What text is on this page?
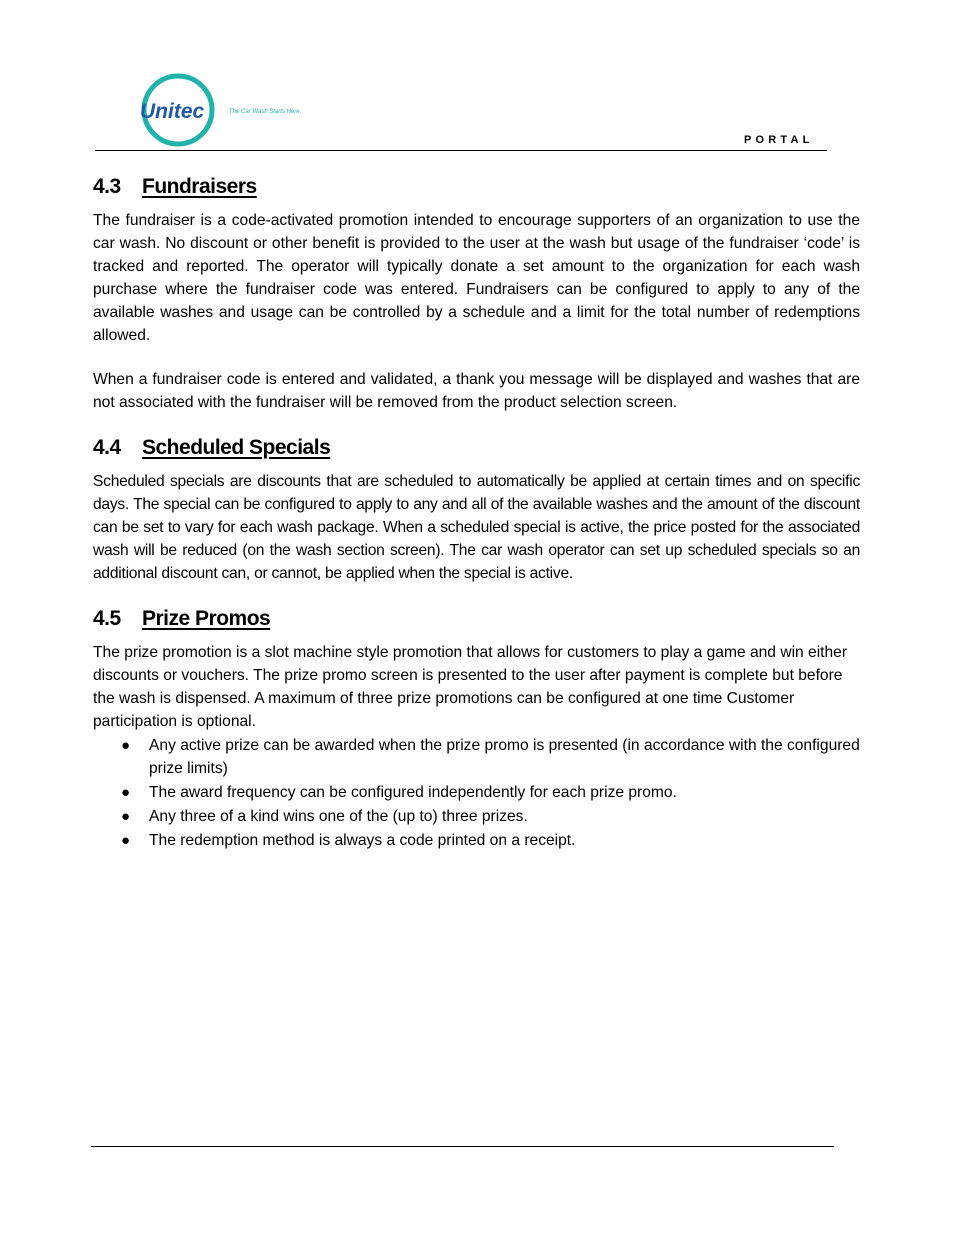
Unitec	The Car Wash Starts Here.
PORTAL
4.3 Fundraisers

The fundraiser is a code-activated promotion intended to encourage supporters of an organization to use the car wash. No discount or other benefit is provided to the user at the wash but usage of the fundraiser ‘code’ is tracked and reported. The operator will typically donate a set amount to the organization for each wash purchase where the fundraiser code was entered. Fundraisers can be configured to apply to any of the available washes and usage can be controlled by a schedule and a limit for the total number of redemptions allowed.

When a fundraiser code is entered and validated, a thank you message will be displayed and washes that are not associated with the fundraiser will be removed from the product selection screen.

4.4 Scheduled Specials

Scheduled specials are discounts that are scheduled to automatically be applied at certain times and on specific days. The special can be configured to apply to any and all of the available washes and the amount of the discount can be set to vary for each wash package. When a scheduled special is active, the price posted for the associated wash will be reduced (on the wash section screen). The car wash operator can set up scheduled specials so an additional discount can, or cannot, be applied when the special is active.

4.5 Prize Promos

The prize promotion is a slot machine style promotion that allows for customers to play a game and win either discounts or vouchers. The prize promo screen is presented to the user after payment is complete but before the wash is dispensed. A maximum of three prize promotions can be configured at one time Customer participation is optional.

● Any active prize can be awarded when the prize promo is presented (in accordance with the configured prize limits)
● The award frequency can be configured independently for each prize promo.
● Any three of a kind wins one of the (up to) three prizes.
● The redemption method is always a code printed on a receipt.
